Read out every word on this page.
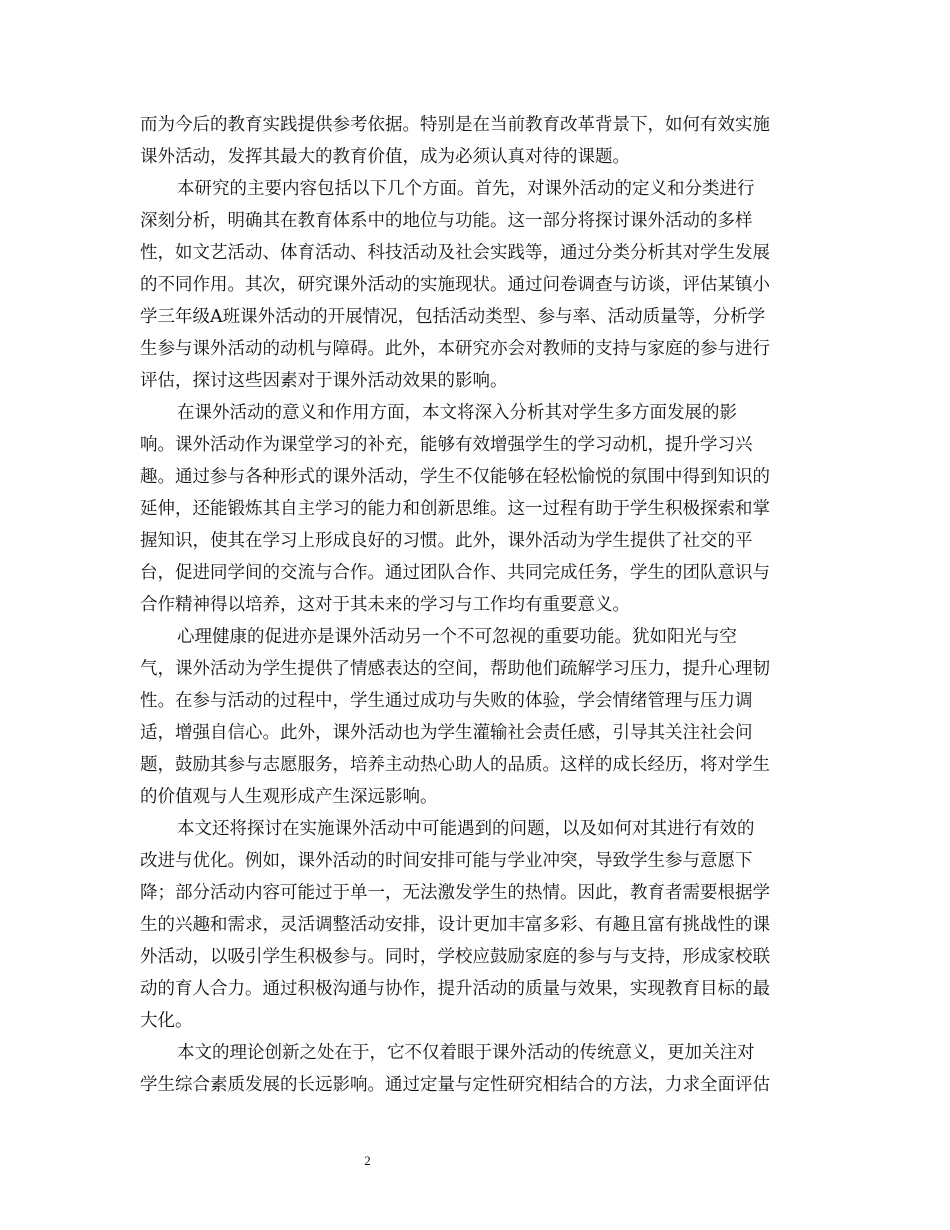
而为今后的教育实践提供参考依据。特别是在当前教育改革背景下，如何有效实施
课外活动，发挥其最大的教育价值，成为必须认真对待的课题。
本研究的主要内容包括以下几个方面。首先，对课外活动的定义和分类进行
深刻分析，明确其在教育体系中的地位与功能。这一部分将探讨课外活动的多样
性，如文艺活动、体育活动、科技活动及社会实践等，通过分类分析其对学生发展
的不同作用。其次，研究课外活动的实施现状。通过问卷调查与访谈，评估某镇小
学三年级A班课外活动的开展情况，包括活动类型、参与率、活动质量等，分析学
生参与课外活动的动机与障碍。此外，本研究亦会对教师的支持与家庭的参与进行
评估，探讨这些因素对于课外活动效果的影响。
在课外活动的意义和作用方面，本文将深入分析其对学生多方面发展的影
响。课外活动作为课堂学习的补充，能够有效增强学生的学习动机，提升学习兴
趣。通过参与各种形式的课外活动，学生不仅能够在轻松愉悦的氛围中得到知识的
延伸，还能锻炼其自主学习的能力和创新思维。这一过程有助于学生积极探索和掌
握知识，使其在学习上形成良好的习惯。此外，课外活动为学生提供了社交的平
台，促进同学间的交流与合作。通过团队合作、共同完成任务，学生的团队意识与
合作精神得以培养，这对于其未来的学习与工作均有重要意义。
心理健康的促进亦是课外活动另一个不可忽视的重要功能。犹如阳光与空
气，课外活动为学生提供了情感表达的空间，帮助他们疏解学习压力，提升心理韧
性。在参与活动的过程中，学生通过成功与失败的体验，学会情绪管理与压力调
适，增强自信心。此外，课外活动也为学生灌输社会责任感，引导其关注社会问
题，鼓励其参与志愿服务，培养主动热心助人的品质。这样的成长经历，将对学生
的价值观与人生观形成产生深远影响。
本文还将探讨在实施课外活动中可能遇到的问题，以及如何对其进行有效的
改进与优化。例如，课外活动的时间安排可能与学业冲突，导致学生参与意愿下
降；部分活动内容可能过于单一，无法激发学生的热情。因此，教育者需要根据学
生的兴趣和需求，灵活调整活动安排，设计更加丰富多彩、有趣且富有挑战性的课
外活动，以吸引学生积极参与。同时，学校应鼓励家庭的参与与支持，形成家校联
动的育人合力。通过积极沟通与协作，提升活动的质量与效果，实现教育目标的最
大化。
本文的理论创新之处在于，它不仅着眼于课外活动的传统意义，更加关注对
学生综合素质发展的长远影响。通过定量与定性研究相结合的方法，力求全面评估
2
